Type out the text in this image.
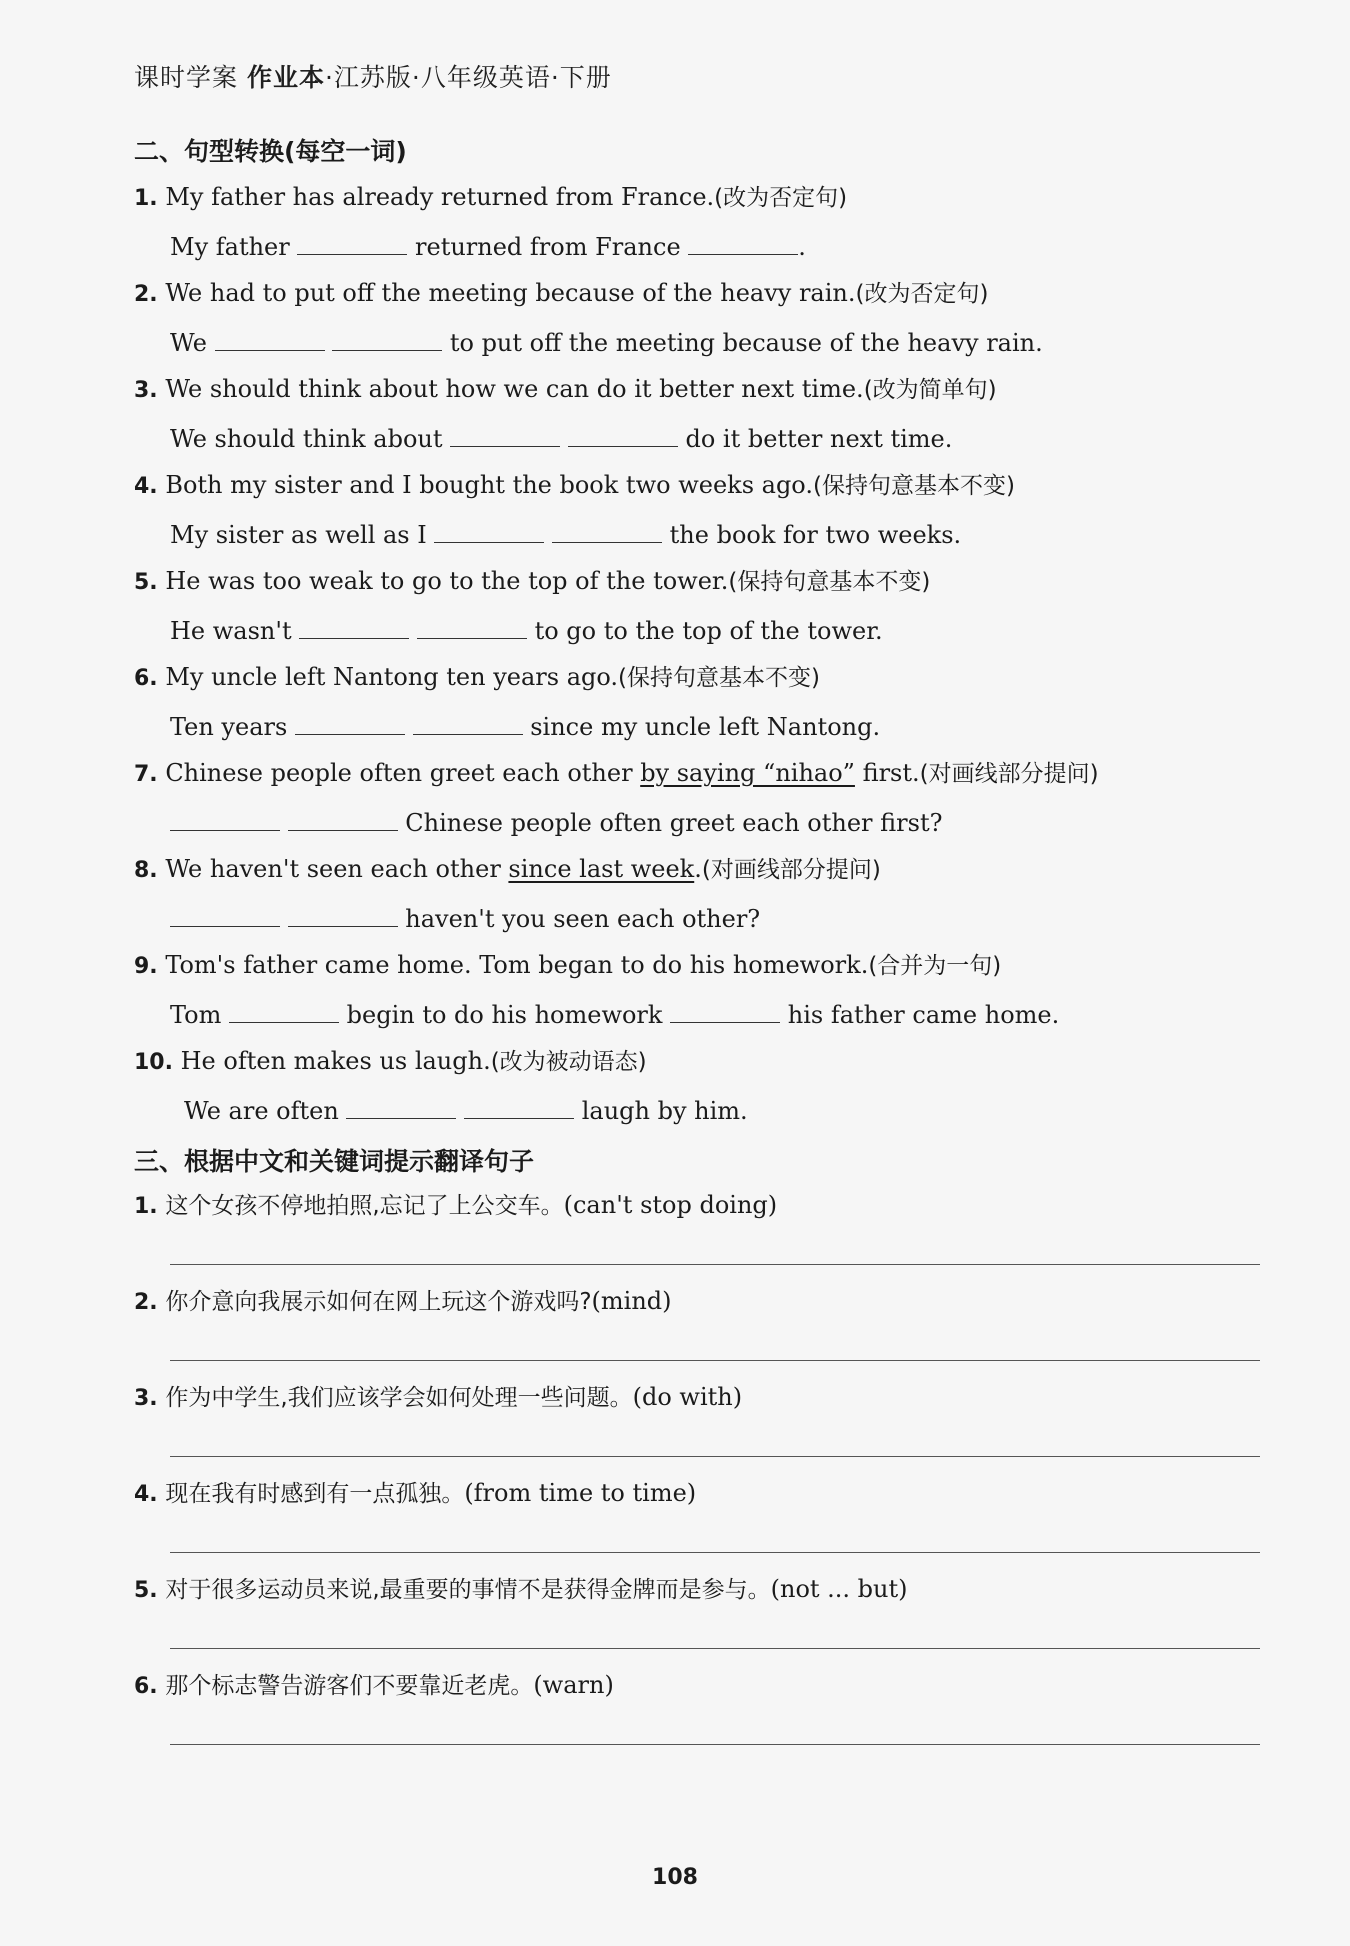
课时学案 作业本·江苏版·八年级英语·下册
二、句型转换(每空一词)
1. My father has already returned from France.(改为否定句)
My father	returned from France	.
2. We had to put off the meeting because of the heavy rain.(改为否定句)
We	to put off the meeting because of the heavy rain.
3. We should think about how we can do it better next time.(改为简单句)
We should think about	do it better next time.
4. Both my sister and I bought the book two weeks ago.(保持句意基本不变)
My sister as well as I	the book for two weeks.
5. He was too weak to go to the top of the tower.(保持句意基本不变)
He wasn't	to go to the top of the tower.
6. My uncle left Nantong ten years ago.(保持句意基本不变)
Ten years	since my uncle left Nantong.
7. Chinese people often greet each other by saying “nihao” first.(对画线部分提问)
Chinese people often greet each other first?
8. We haven't seen each other since last week.(对画线部分提问)
haven't you seen each other?
9. Tom's father came home. Tom began to do his homework.(合并为一句)
Tom	begin to do his homework	his father came home.
10. He often makes us laugh.(改为被动语态)
We are often	laugh by him.
三、根据中文和关键词提示翻译句子
1. 这个女孩不停地拍照,忘记了上公交车。(can't stop doing)
2. 你介意向我展示如何在网上玩这个游戏吗?(mind)
3. 作为中学生,我们应该学会如何处理一些问题。(do with)
4. 现在我有时感到有一点孤独。(from time to time)
5. 对于很多运动员来说,最重要的事情不是获得金牌而是参与。(not ... but)
6. 那个标志警告游客们不要靠近老虎。(warn)
108
